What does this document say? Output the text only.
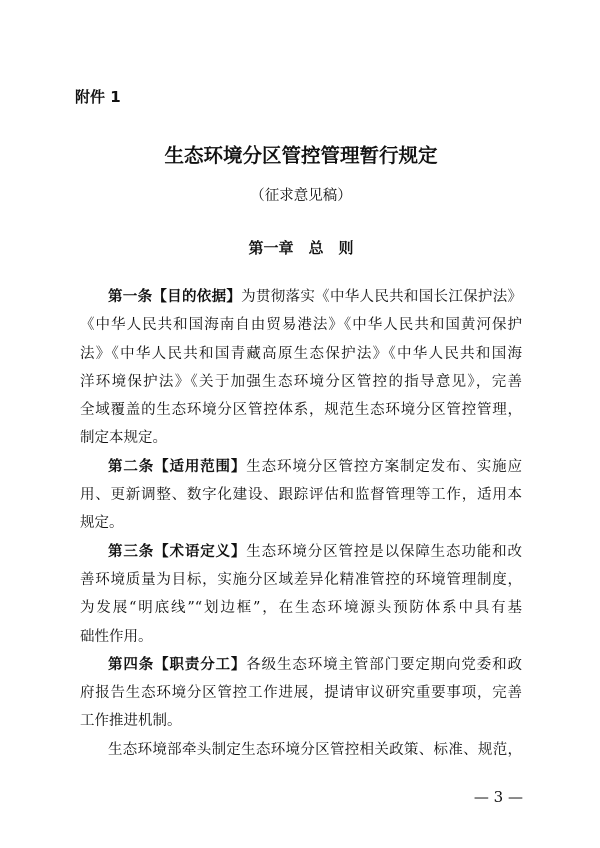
附件 1
生态环境分区管控管理暂行规定
（征求意见稿）
第一章　总　则
第一条【目的依据】为贯彻落实《中华人民共和国长江保护法》
《中华人民共和国海南自由贸易港法》《中华人民共和国黄河保护
法》《中华人民共和国青藏高原生态保护法》《中华人民共和国海
洋环境保护法》《关于加强生态环境分区管控的指导意见》，完善
全域覆盖的生态环境分区管控体系，规范生态环境分区管控管理，
制定本规定。
第二条【适用范围】生态环境分区管控方案制定发布、实施应
用、更新调整、数字化建设、跟踪评估和监督管理等工作，适用本
规定。
第三条【术语定义】生态环境分区管控是以保障生态功能和改
善环境质量为目标，实施分区域差异化精准管控的环境管理制度，
为发展“明底线”“划边框”，在生态环境源头预防体系中具有基
础性作用。
第四条【职责分工】各级生态环境主管部门要定期向党委和政
府报告生态环境分区管控工作进展，提请审议研究重要事项，完善
工作推进机制。
生态环境部牵头制定生态环境分区管控相关政策、标准、规范，
— 3 —
